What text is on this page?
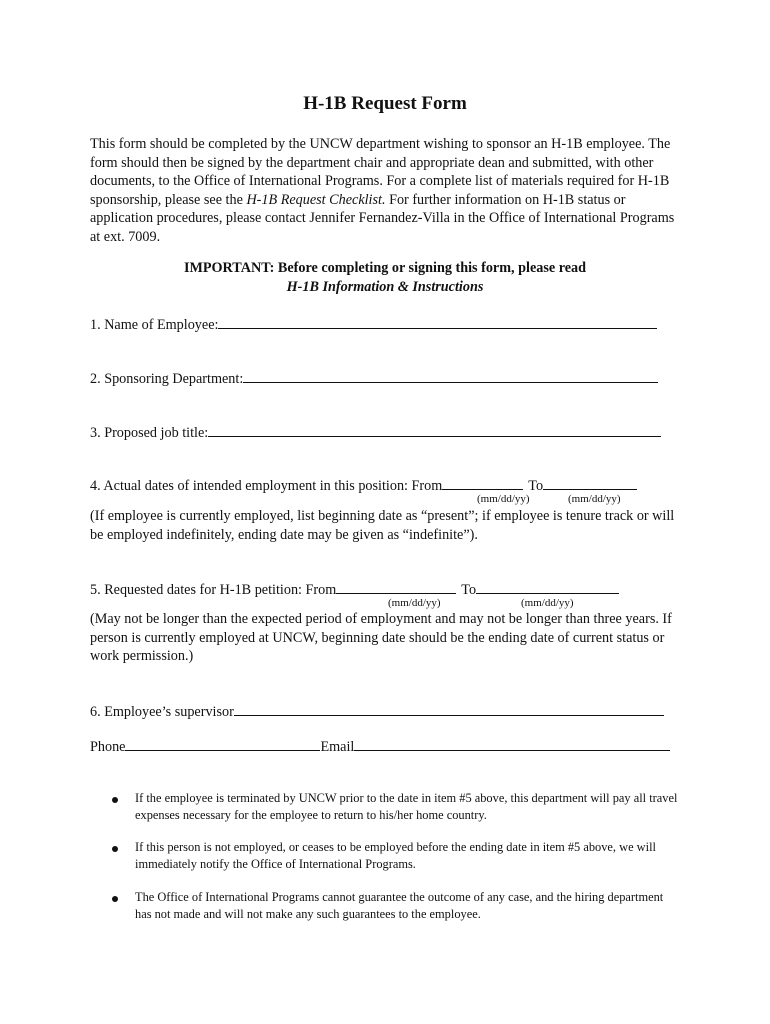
H-1B Request Form
This form should be completed by the UNCW department wishing to sponsor an H-1B employee. The form should then be signed by the department chair and appropriate dean and submitted, with other documents, to the Office of International Programs. For a complete list of materials required for H-1B sponsorship, please see the H-1B Request Checklist. For further information on H-1B status or application procedures, please contact Jennifer Fernandez-Villa in the Office of International Programs at ext. 7009.
IMPORTANT: Before completing or signing this form, please read
H-1B Information & Instructions
1. Name of Employee:
2. Sponsoring Department:
3. Proposed job title:
4. Actual dates of intended employment in this position: From	To
(mm/dd/yy)	(mm/dd/yy)
(If employee is currently employed, list beginning date as “present”; if employee is tenure track or will be employed indefinitely, ending date may be given as “indefinite”).
5. Requested dates for H-1B petition: From	To
(mm/dd/yy)	(mm/dd/yy)
(May not be longer than the expected period of employment and may not be longer than three years. If person is currently employed at UNCW, beginning date should be the ending date of current status or work permission.)
6. Employee’s supervisor
Phone	Email
If the employee is terminated by UNCW prior to the date in item #5 above, this department will pay all travel expenses necessary for the employee to return to his/her home country.
If this person is not employed, or ceases to be employed before the ending date in item #5 above, we will immediately notify the Office of International Programs.
The Office of International Programs cannot guarantee the outcome of any case, and the hiring department has not made and will not make any such guarantees to the employee.
